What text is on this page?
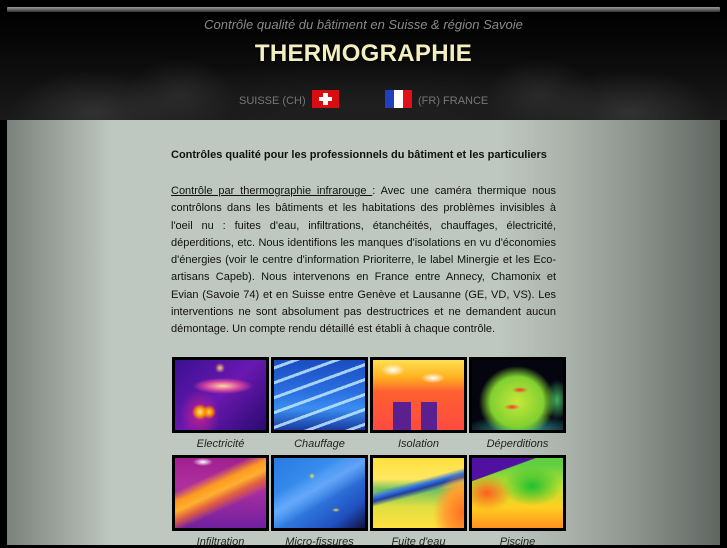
Contrôle qualité du bâtiment en Suisse & région Savoie
THERMOGRAPHIE
SUISSE (CH)	(FR) FRANCE

Contrôles qualité pour les professionnels du bâtiment et les particuliers

Contrôle par thermographie infrarouge : Avec une caméra thermique nous contrôlons dans les bâtiments et les habitations des problèmes invisibles à l'oeil nu : fuites d'eau, infiltrations, étanchéités, chauffages, électricité, déperditions, etc. Nous identifions les manques d'isolations en vu d'économies d'énergies (voir le centre d'information Prioriterre, le label Minergie et les Eco-artisans Capeb). Nous intervenons en France entre Annecy, Chamonix et Evian (Savoie 74) et en Suisse entre Genève et Lausanne (GE, VD, VS). Les interventions ne sont absolument pas destructrices et ne demandent aucun démontage. Un compte rendu détaillé est établi à chaque contrôle.

Electricité	Chauffage	Isolation	Déperditions
Infiltration	Micro-fissures	Fuite d'eau	Piscine
